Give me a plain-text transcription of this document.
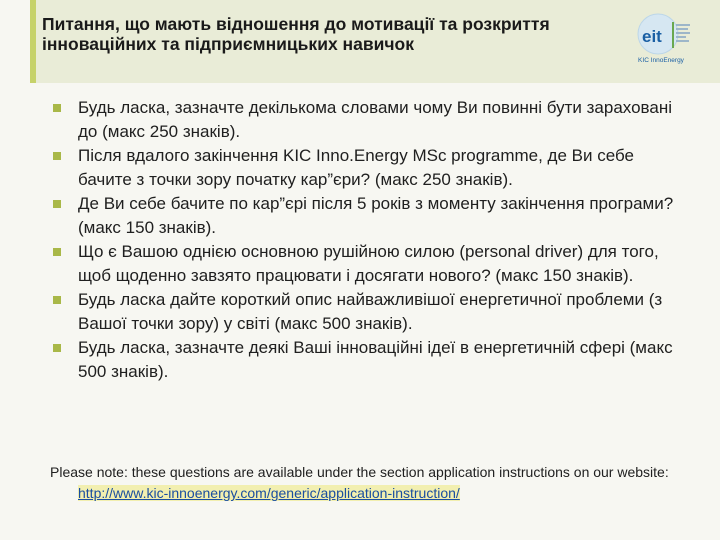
Питання, що мають відношення до мотивації та розкриття інноваційних та підприємницьких навичок	eit
KIC InnoEnergy
Будь ласка, зазначте декількома словами чому Ви повинні бути зараховані до (макс 250 знаків).
Після вдалого закінчення KIC Inno.Energy MSc programme, де Ви себе бачите з точки зору початку кар”єри? (макс 250 знаків).
Де Ви себе бачите по кар”єрі після 5 років з моменту закінчення програми? (макс 150 знаків).
Що є Вашою однією основною рушійною силою (personal driver) для того, щоб щоденно завзято працювати і досягати нового? (макс 150 знаків).
Будь ласка дайте короткий опис найважливішої енергетичної проблеми (з Вашої точки зору) у світі (макс 500 знаків).
Будь ласка, зазначте деякі Ваші інноваційні ідеї в енергетичній сфері (макс 500 знаків).

Please note: these questions are available under the section application instructions on our website: http://www.kic-innoenergy.com/generic/application-instruction/
